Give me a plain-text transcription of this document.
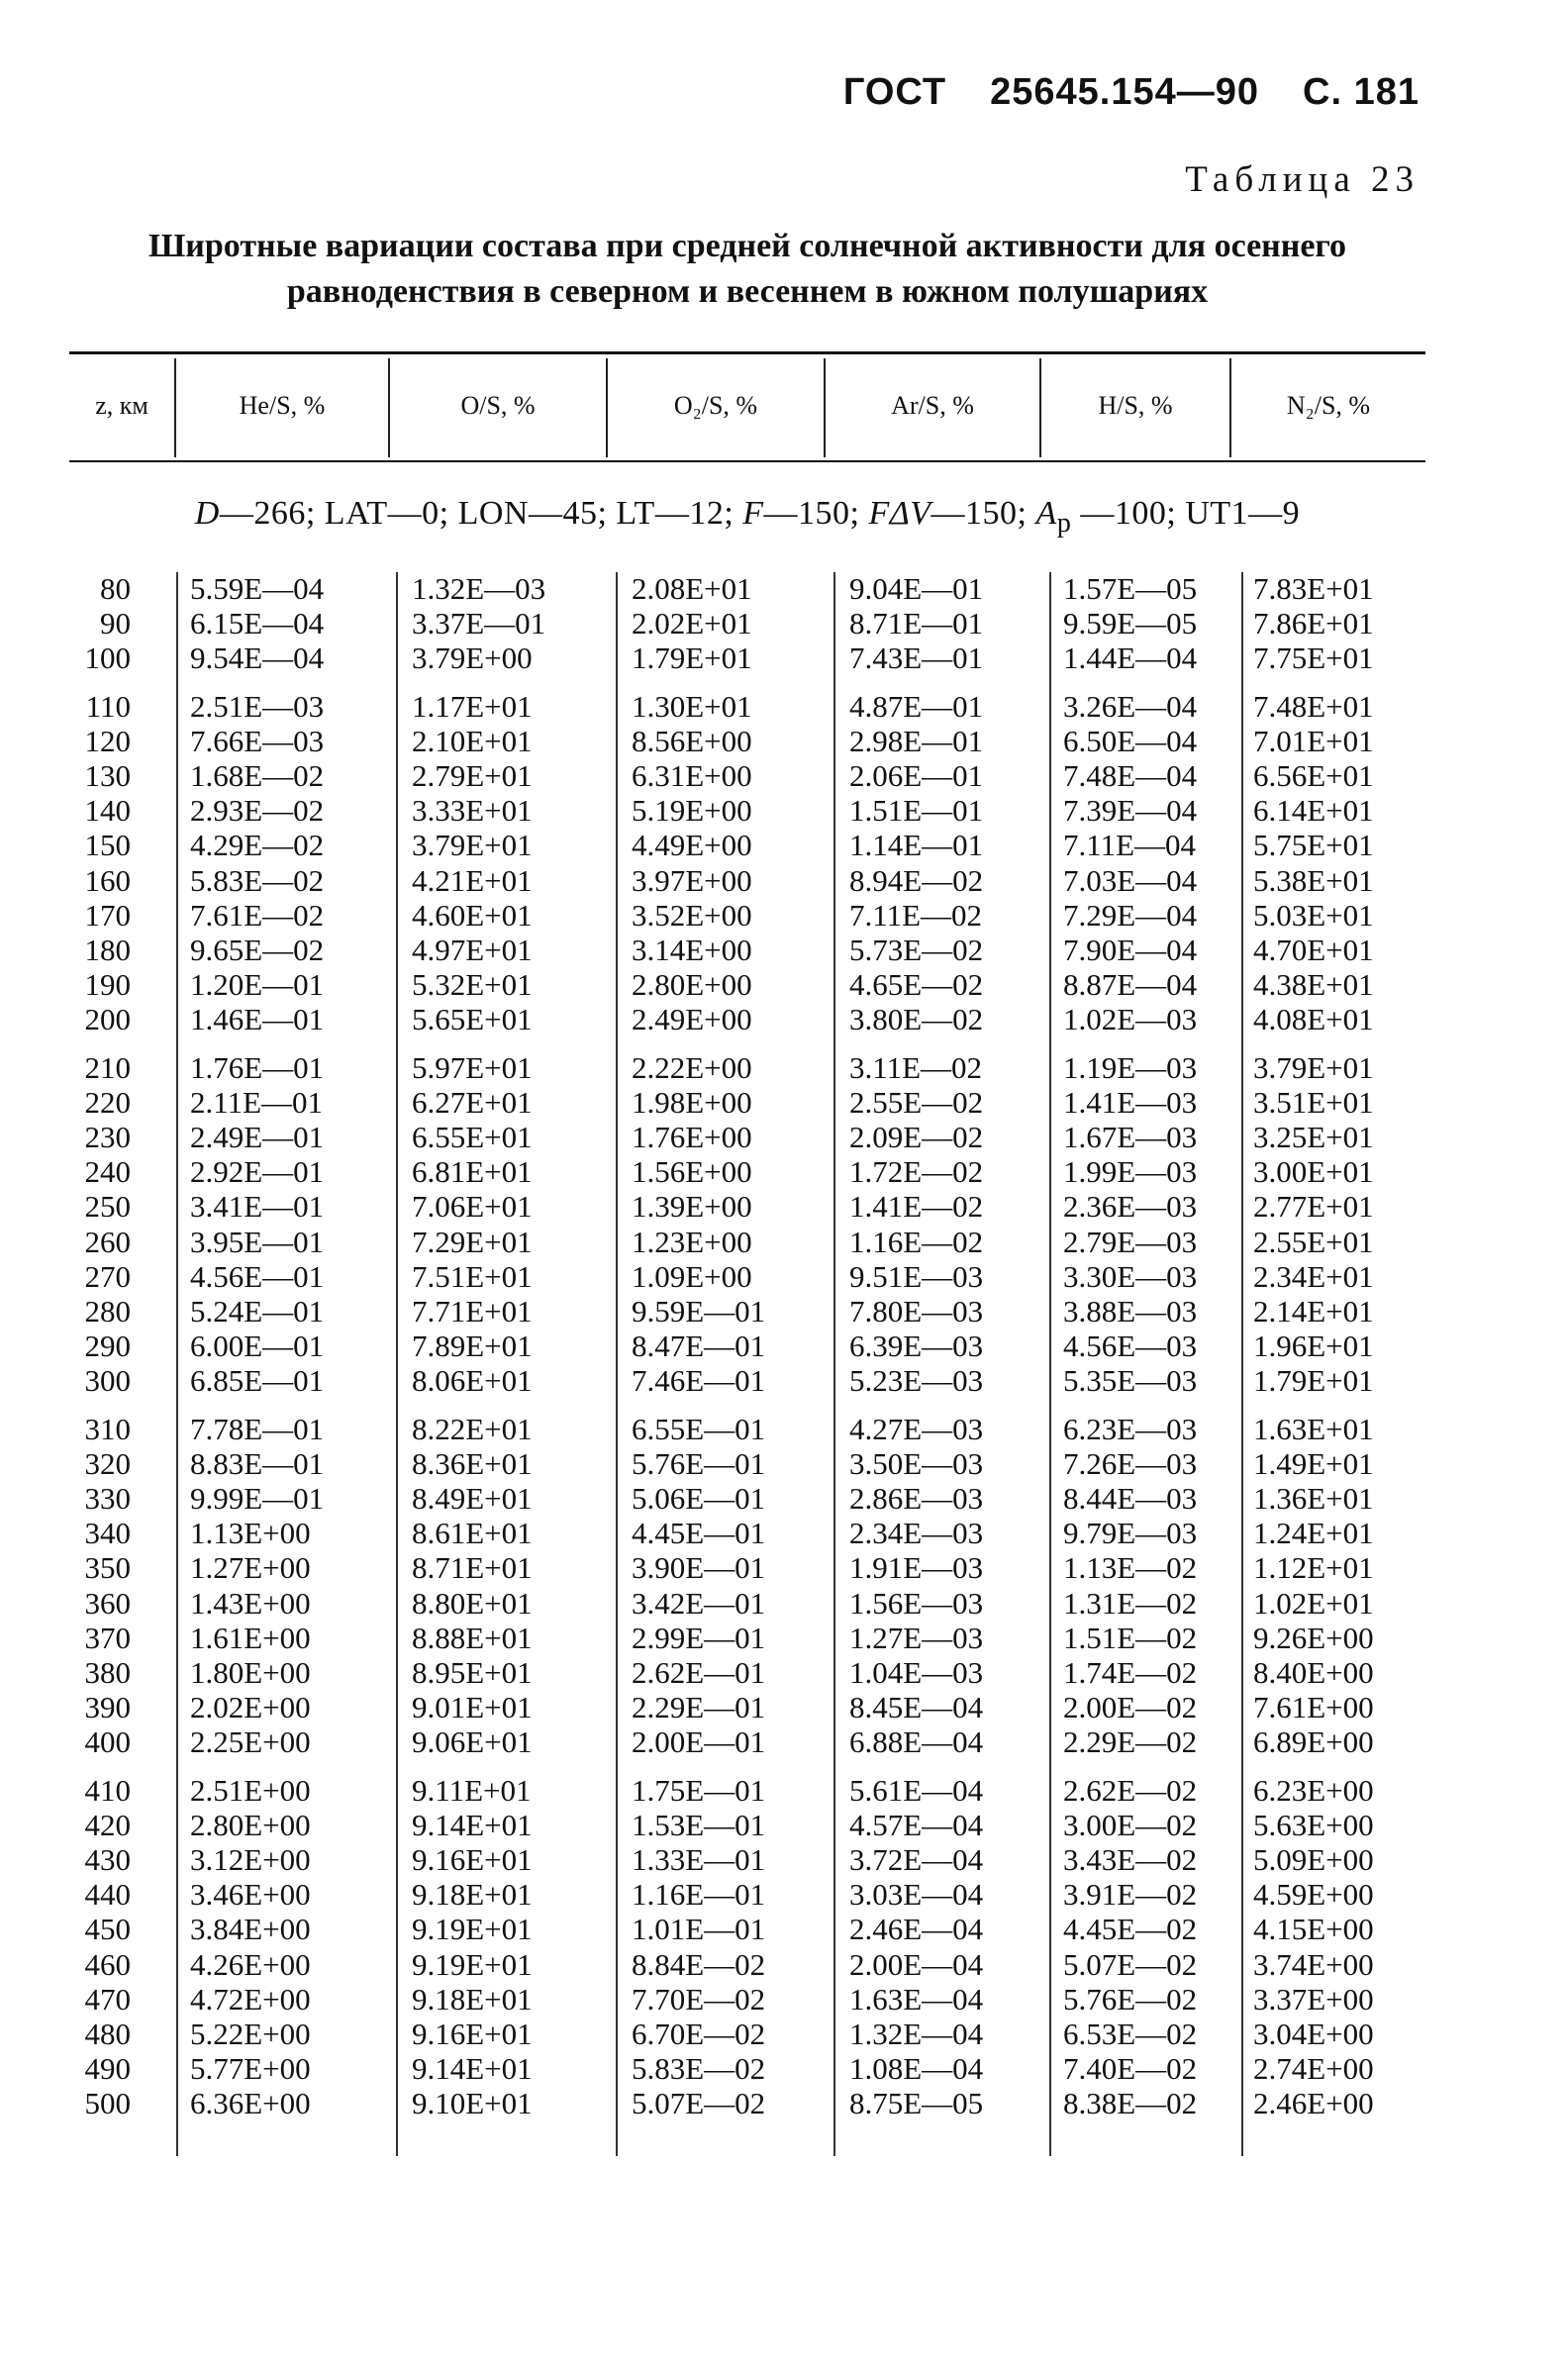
ГОСТ 25645.154—90 С. 181
Таблица 23
Широтные вариации состава при средней солнечной активности для осеннего
равноденствия в северном и весеннем в южном полушариях
z, км	He/S, %	O/S, %	O₂/S, %	Ar/S, %	H/S, %	N₂/S, %
D—266; LAT—0; LON—45; LT—12; F—150; FΔV—150; $A_p$ —100; UT1—9
80 5.59E—04	1.32E—03	2.08E+01	9.04E—01	1.57E—05 7.83E+01
90 6.15E—04	3.37E—01	2.02E+01	8.71E—01	9.59E—05 7.86E+01
100 9.54E—04	3.79E+00	1.79E+01	7.43E—01	1.44E—04 7.75E+01
110 2.51E—03	1.17E+01	1.30E+01	4.87E—01	3.26E—04 7.48E+01
120 7.66E—03	2.10E+01	8.56E+00	2.98E—01	6.50E—04 7.01E+01
130 1.68E—02	2.79E+01	6.31E+00	2.06E—01	7.48E—04 6.56E+01
140 2.93E—02	3.33E+01	5.19E+00	1.51E—01	7.39E—04 6.14E+01
150 4.29E—02	3.79E+01	4.49E+00	1.14E—01	7.11E—04 5.75E+01
160 5.83E—02	4.21E+01	3.97E+00	8.94E—02	7.03E—04 5.38E+01
170 7.61E—02	4.60E+01	3.52E+00	7.11E—02	7.29E—04 5.03E+01
180 9.65E—02	4.97E+01	3.14E+00	5.73E—02	7.90E—04 4.70E+01
190 1.20E—01	5.32E+01	2.80E+00	4.65E—02	8.87E—04 4.38E+01
200 1.46E—01	5.65E+01	2.49E+00	3.80E—02	1.02E—03 4.08E+01
210 1.76E—01	5.97E+01	2.22E+00	3.11E—02	1.19E—03 3.79E+01
220 2.11E—01	6.27E+01	1.98E+00	2.55E—02	1.41E—03 3.51E+01
230 2.49E—01	6.55E+01	1.76E+00	2.09E—02	1.67E—03 3.25E+01
240 2.92E—01	6.81E+01	1.56E+00	1.72E—02	1.99E—03 3.00E+01
250 3.41E—01	7.06E+01	1.39E+00	1.41E—02	2.36E—03 2.77E+01
260 3.95E—01	7.29E+01	1.23E+00	1.16E—02	2.79E—03 2.55E+01
270 4.56E—01	7.51E+01	1.09E+00	9.51E—03	3.30E—03 2.34E+01
280 5.24E—01	7.71E+01	9.59E—01	7.80E—03	3.88E—03 2.14E+01
290 6.00E—01	7.89E+01	8.47E—01	6.39E—03	4.56E—03 1.96E+01
300 6.85E—01	8.06E+01	7.46E—01	5.23E—03	5.35E—03 1.79E+01
310 7.78E—01	8.22E+01	6.55E—01	4.27E—03	6.23E—03 1.63E+01
320 8.83E—01	8.36E+01	5.76E—01	3.50E—03	7.26E—03 1.49E+01
330 9.99E—01	8.49E+01	5.06E—01	2.86E—03	8.44E—03 1.36E+01
340 1.13E+00	8.61E+01	4.45E—01	2.34E—03	9.79E—03 1.24E+01
350 1.27E+00	8.71E+01	3.90E—01	1.91E—03	1.13E—02 1.12E+01
360 1.43E+00	8.80E+01	3.42E—01	1.56E—03	1.31E—02 1.02E+01
370 1.61E+00	8.88E+01	2.99E—01	1.27E—03	1.51E—02 9.26E+00
380 1.80E+00	8.95E+01	2.62E—01	1.04E—03	1.74E—02 8.40E+00
390 2.02E+00	9.01E+01	2.29E—01	8.45E—04	2.00E—02 7.61E+00
400 2.25E+00	9.06E+01	2.00E—01	6.88E—04	2.29E—02 6.89E+00
410 2.51E+00	9.11E+01	1.75E—01	5.61E—04	2.62E—02 6.23E+00
420 2.80E+00	9.14E+01	1.53E—01	4.57E—04	3.00E—02 5.63E+00
430 3.12E+00	9.16E+01	1.33E—01	3.72E—04	3.43E—02 5.09E+00
440 3.46E+00	9.18E+01	1.16E—01	3.03E—04	3.91E—02 4.59E+00
450 3.84E+00	9.19E+01	1.01E—01	2.46E—04	4.45E—02 4.15E+00
460 4.26E+00	9.19E+01	8.84E—02	2.00E—04	5.07E—02 3.74E+00
470 4.72E+00	9.18E+01	7.70E—02	1.63E—04	5.76E—02 3.37E+00
480 5.22E+00	9.16E+01	6.70E—02	1.32E—04	6.53E—02 3.04E+00
490 5.77E+00	9.14E+01	5.83E—02	1.08E—04	7.40E—02 2.74E+00
500 6.36E+00	9.10E+01	5.07E—02	8.75E—05	8.38E—02 2.46E+00
